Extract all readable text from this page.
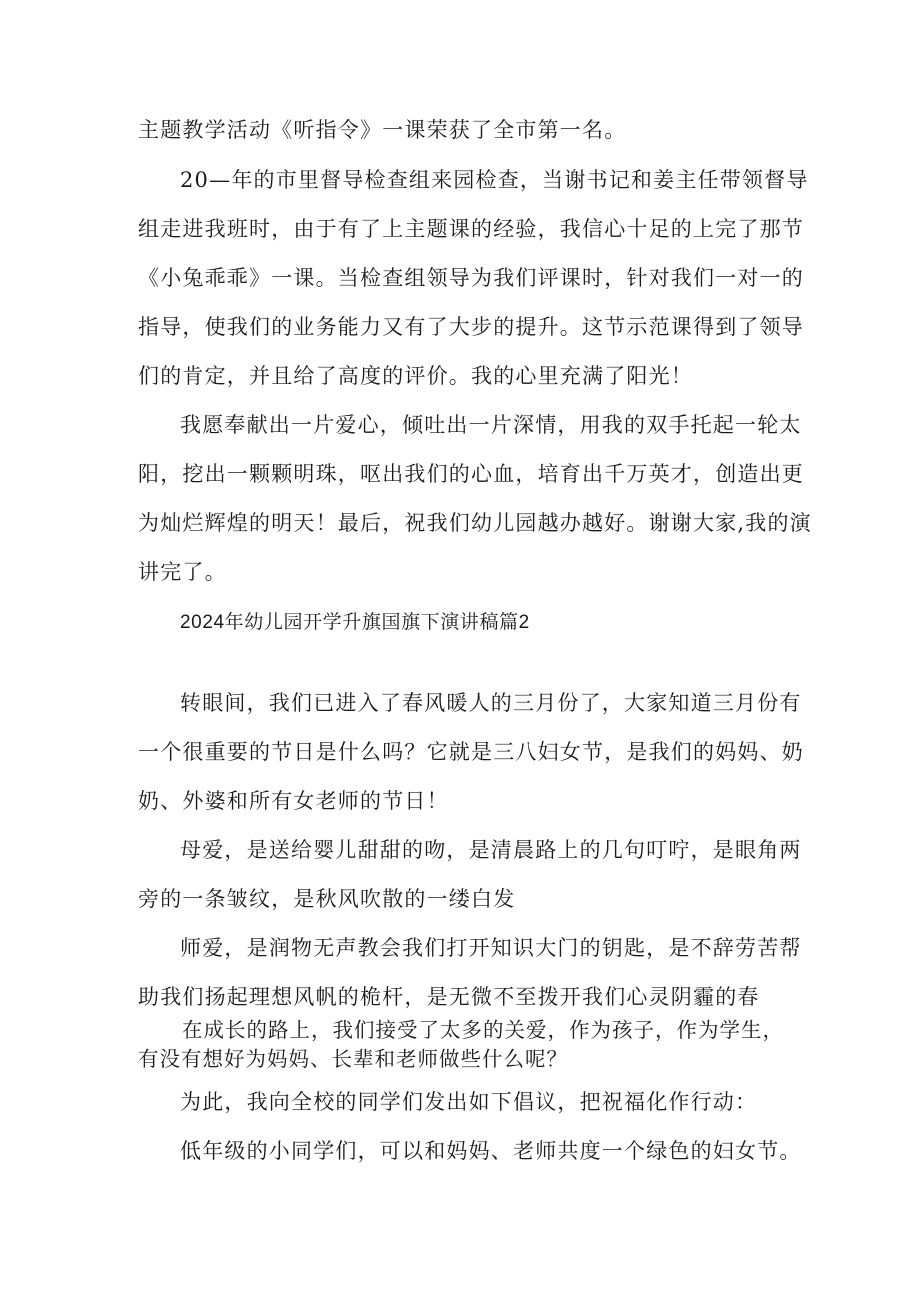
主题教学活动《听指令》一课荣获了全市第一名。
20—年的市里督导检查组来园检查，当谢书记和姜主任带领督导
组走进我班时，由于有了上主题课的经验，我信心十足的上完了那节
《小兔乖乖》一课。当检查组领导为我们评课时，针对我们一对一的
指导，使我们的业务能力又有了大步的提升。这节示范课得到了领导
们的肯定，并且给了高度的评价。我的心里充满了阳光！
我愿奉献出一片爱心，倾吐出一片深情，用我的双手托起一轮太
阳，挖出一颗颗明珠，呕出我们的心血，培育出千万英才，创造出更
为灿烂辉煌的明天！最后，祝我们幼儿园越办越好。谢谢大家,我的演
讲完了。
2024年幼儿园开学升旗国旗下演讲稿篇2
转眼间，我们已进入了春风暖人的三月份了，大家知道三月份有
一个很重要的节日是什么吗？它就是三八妇女节，是我们的妈妈、奶
奶、外婆和所有女老师的节日！
母爱，是送给婴儿甜甜的吻，是清晨路上的几句叮咛，是眼角两
旁的一条皱纹，是秋风吹散的一缕白发
师爱，是润物无声教会我们打开知识大门的钥匙，是不辞劳苦帮
助我们扬起理想风帆的桅杆，是无微不至拨开我们心灵阴霾的春
在成长的路上，我们接受了太多的关爱，作为孩子，作为学生，
有没有想好为妈妈、长辈和老师做些什么呢？
为此，我向全校的同学们发出如下倡议，把祝福化作行动：
低年级的小同学们，可以和妈妈、老师共度一个绿色的妇女节。
